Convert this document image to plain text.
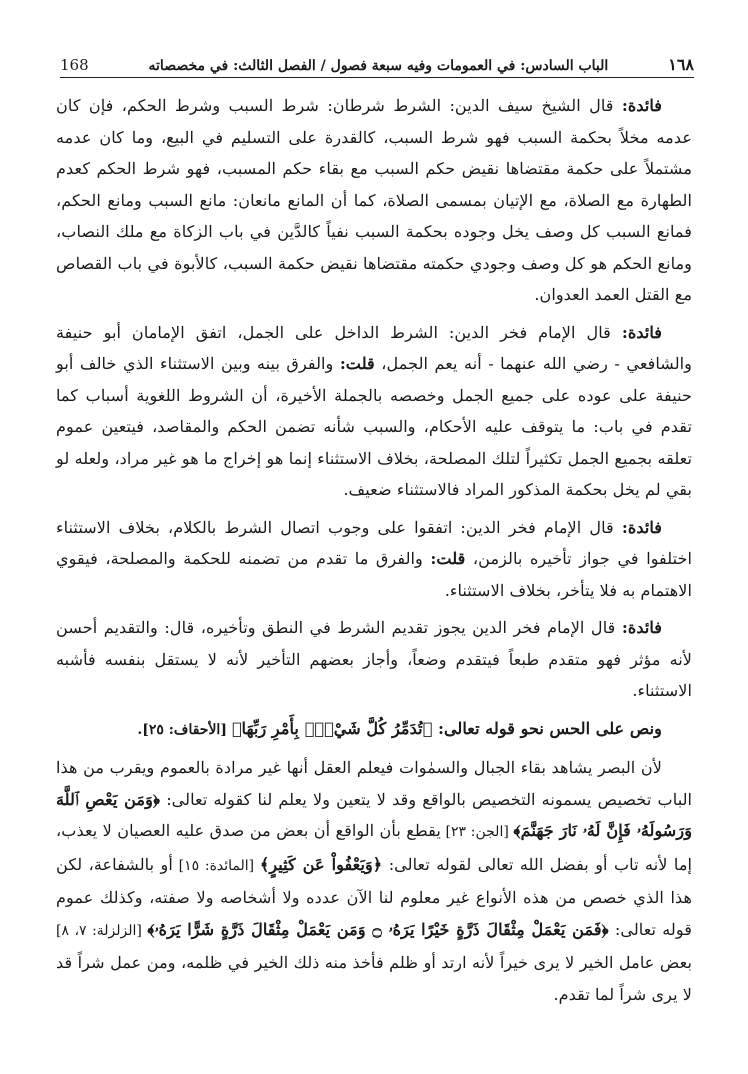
168	الباب السادس: في العمومات وفيه سبعة فصول / الفصل الثالث: في مخصصاته	١٦٨

فائدة: قال الشيخ سيف الدين: الشرط شرطان: شرط السبب وشرط الحكم، فإن كان عدمه مخلاً بحكمة السبب فهو شرط السبب، كالقدرة على التسليم في البيع، وما كان عدمه مشتملاً على حكمة مقتضاها نقيض حكم السبب مع بقاء حكم المسبب، فهو شرط الحكم كعدم الطهارة مع الصلاة، مع الإتيان بمسمى الصلاة، كما أن المانع مانعان: مانع السبب ومانع الحكم، فمانع السبب كل وصف يخل وجوده بحكمة السبب نفياً كالدَّين في باب الزكاة مع ملك النصاب، ومانع الحكم هو كل وصف وجودي حكمته مقتضاها نقيض حكمة السبب، كالأبوة في باب القصاص مع القتل العمد العدوان.

فائدة: قال الإمام فخر الدين: الشرط الداخل على الجمل، اتفق الإمامان أبو حنيفة والشافعي - رضي الله عنهما - أنه يعم الجمل، قلت: والفرق بينه وبين الاستثناء الذي خالف أبو حنيفة على عوده على جميع الجمل وخصصه بالجملة الأخيرة، أن الشروط اللغوية أسباب كما تقدم في باب: ما يتوقف عليه الأحكام، والسبب شأنه تضمن الحكم والمقاصد، فيتعين عموم تعلقه بجميع الجمل تكثيراً لتلك المصلحة، بخلاف الاستثناء إنما هو إخراج ما هو غير مراد، ولعله لو بقي لم يخل بحكمة المذكور المراد فالاستثناء ضعيف.

فائدة: قال الإمام فخر الدين: اتفقوا على وجوب اتصال الشرط بالكلام، بخلاف الاستثناء اختلفوا في جواز تأخيره بالزمن، قلت: والفرق ما تقدم من تضمنه للحكمة والمصلحة، فيقوي الاهتمام به فلا يتأخر، بخلاف الاستثناء.

فائدة: قال الإمام فخر الدين يجوز تقديم الشرط في النطق وتأخيره، قال: والتقديم أحسن لأنه مؤثر فهو متقدم طبعاً فيتقدم وضعاً، وأجاز بعضهم التأخير لأنه لا يستقل بنفسه فأشبه الاستثناء.

ونص على الحس نحو قوله تعالى: ﴿تُدَمِّرُ كُلَّ شَيْءٍۭ بِأَمْرِ رَبِّهَا﴾ [الأحقاف: ٢٥].

لأن البصر يشاهد بقاء الجبال والسمٰوات فيعلم العقل أنها غير مرادة بالعموم ويقرب من هذا الباب تخصيص يسمونه التخصيص بالواقع وقد لا يتعين ولا يعلم لنا كقوله تعالى: ﴿وَمَن يَعْصِ ٱللَّهَ وَرَسُولَهُۥ فَإِنَّ لَهُۥ نَارَ جَهَنَّمَ﴾ [الجن: ٢٣] يقطع بأن الواقع أن بعض من صدق عليه العصيان لا يعذب، إما لأنه تاب أو بفضل الله تعالى لقوله تعالى: ﴿وَيَعْفُواْ عَن كَثِيرٍ﴾ [المائدة: ١٥] أو بالشفاعة، لكن هذا الذي خصص من هذه الأنواع غير معلوم لنا الآن عدده ولا أشخاصه ولا صفته، وكذلك عموم قوله تعالى: ﴿فَمَن يَعْمَلْ مِثْقَالَ ذَرَّةٍ خَيْرًا يَرَهُۥ ۝ وَمَن يَعْمَلْ مِثْقَالَ ذَرَّةٍ شَرًّا يَرَهُۥ﴾ [الزلزلة: ٧، ٨] بعض عامل الخير لا يرى خيراً لأنه ارتد أو ظلم فأخذ منه ذلك الخير في ظلمه، ومن عمل شراً قد لا يرى شراً لما تقدم.
